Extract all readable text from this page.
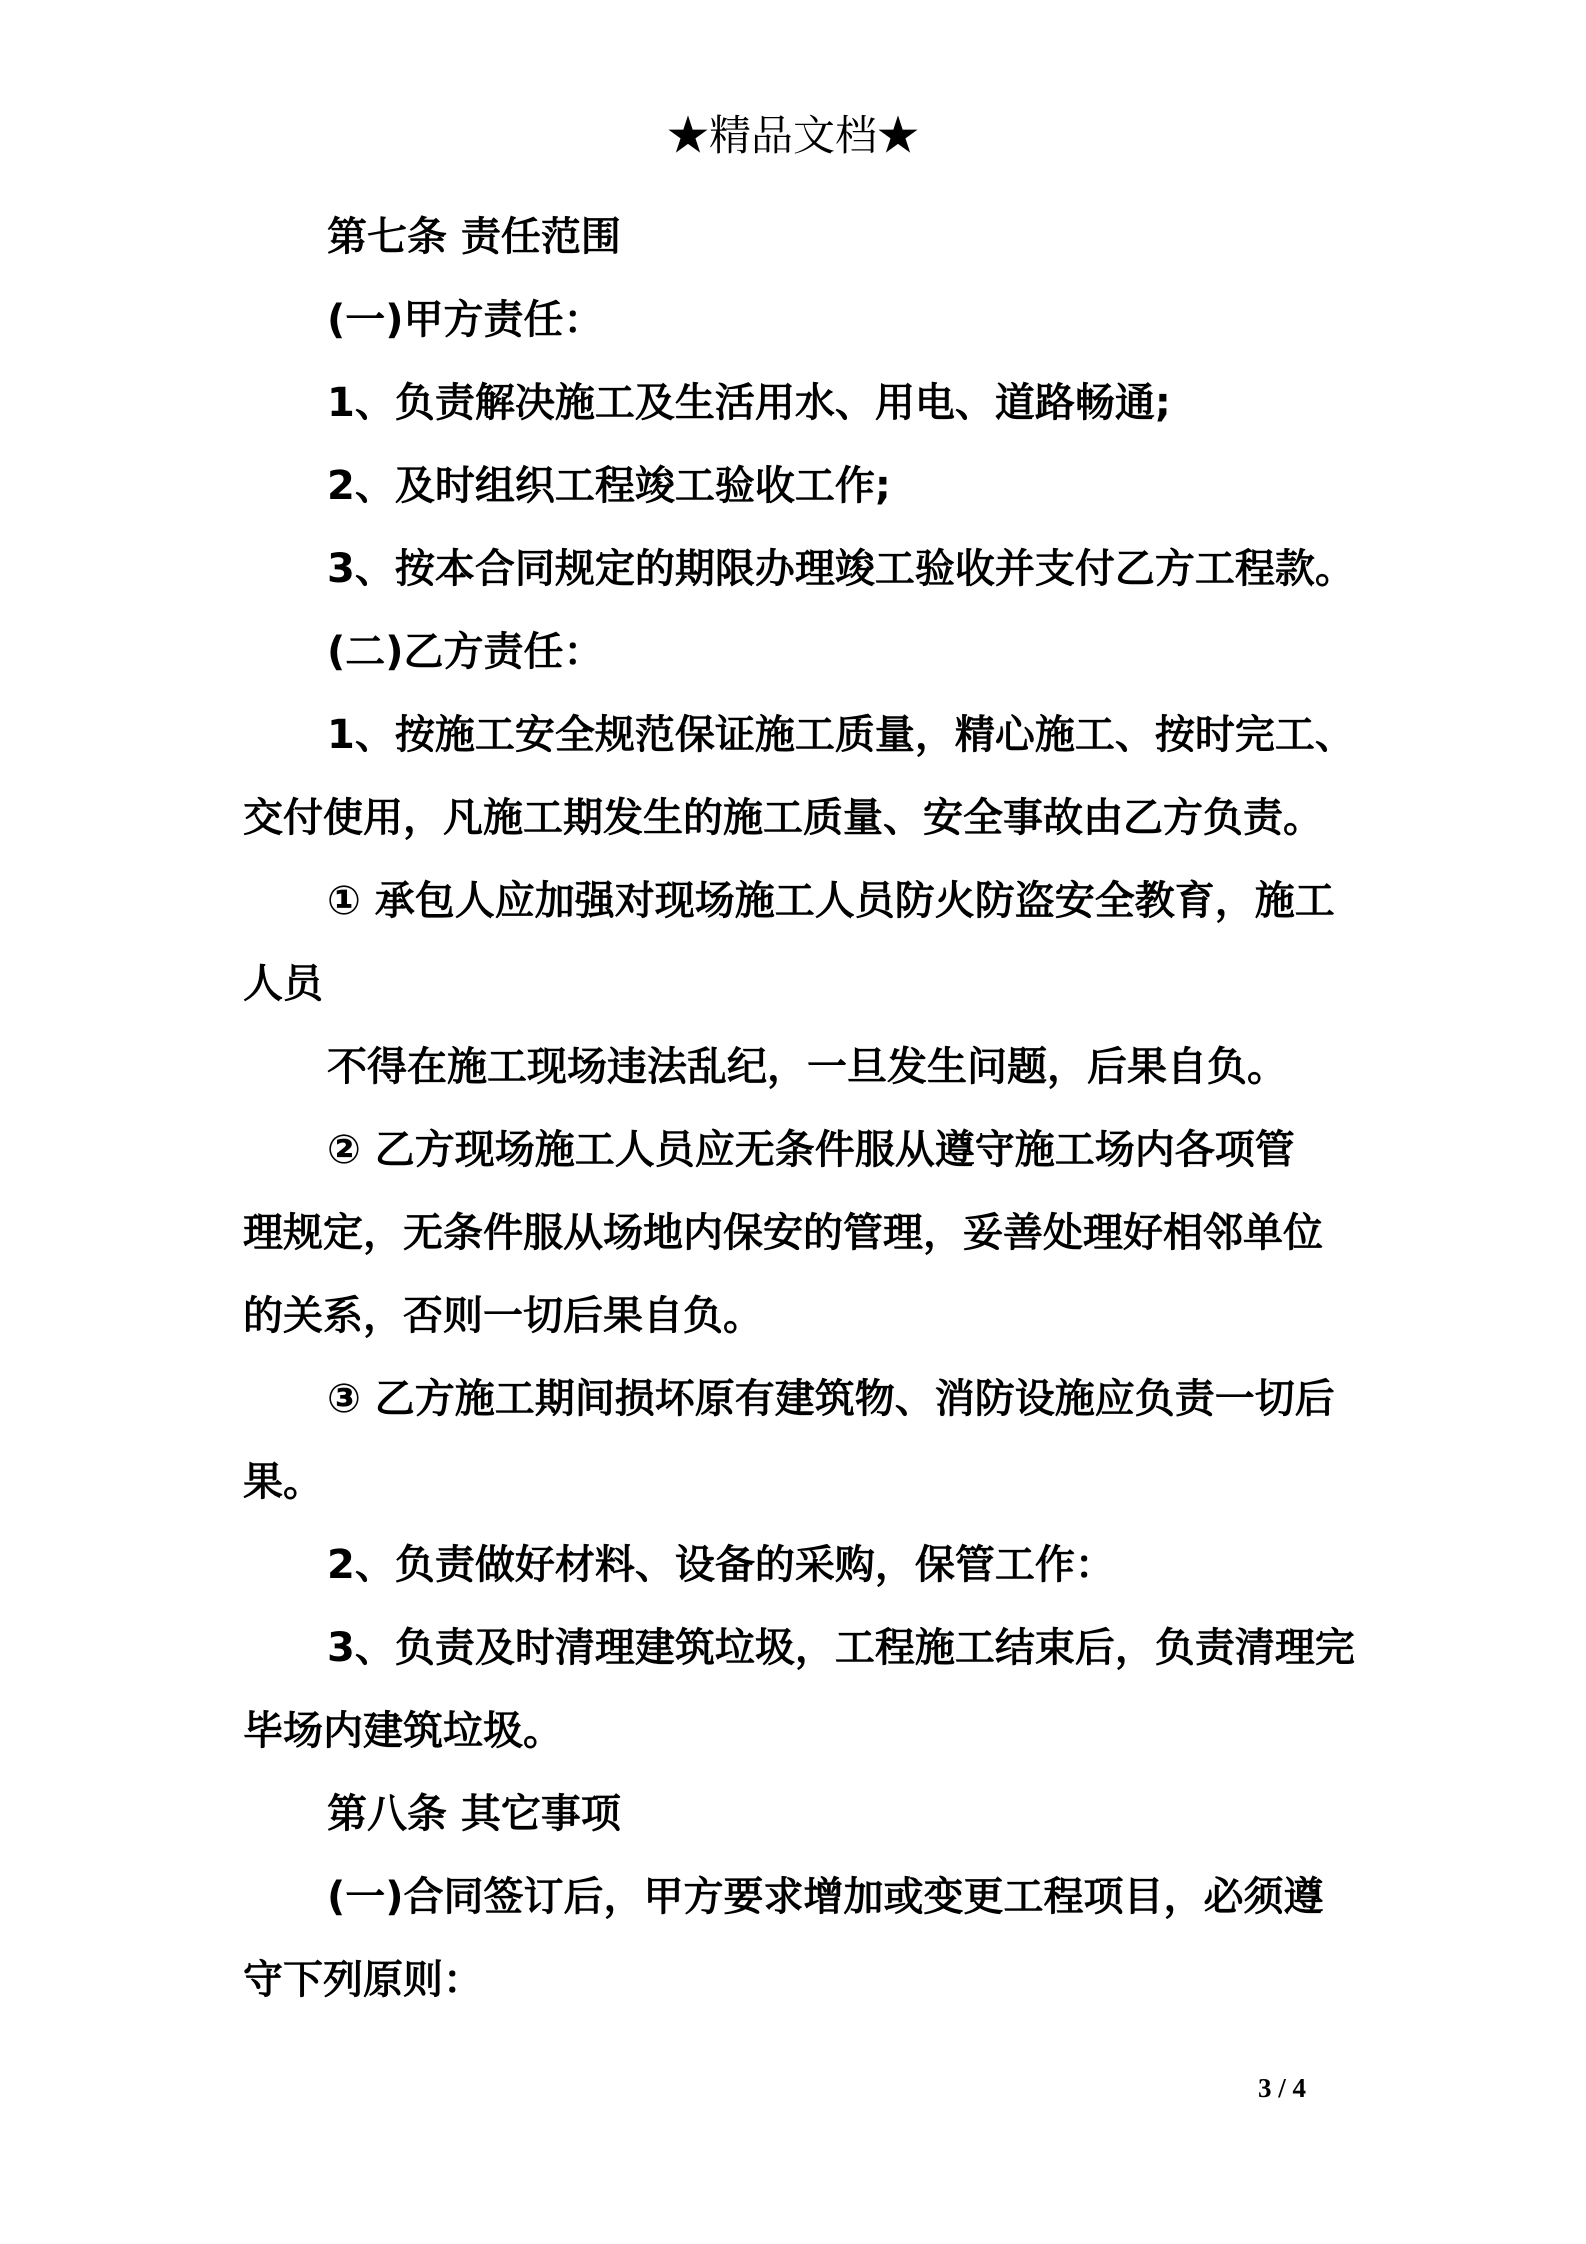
★精品文档★
第七条 责任范围
(一)甲方责任：
1、负责解决施工及生活用水、用电、道路畅通;
2、及时组织工程竣工验收工作;
3、按本合同规定的期限办理竣工验收并支付乙方工程款。
(二)乙方责任：
1、按施工安全规范保证施工质量，精心施工、按时完工、
交付使用，凡施工期发生的施工质量、安全事故由乙方负责。
① 承包人应加强对现场施工人员防火防盗安全教育，施工
人员
不得在施工现场违法乱纪，一旦发生问题，后果自负。
② 乙方现场施工人员应无条件服从遵守施工场内各项管
理规定，无条件服从场地内保安的管理，妥善处理好相邻单位
的关系，否则一切后果自负。
③ 乙方施工期间损坏原有建筑物、消防设施应负责一切后
果。
2、负责做好材料、设备的采购，保管工作：
3、负责及时清理建筑垃圾，工程施工结束后，负责清理完
毕场内建筑垃圾。
第八条 其它事项
(一)合同签订后，甲方要求增加或变更工程项目，必须遵
守下列原则：
3 / 4
